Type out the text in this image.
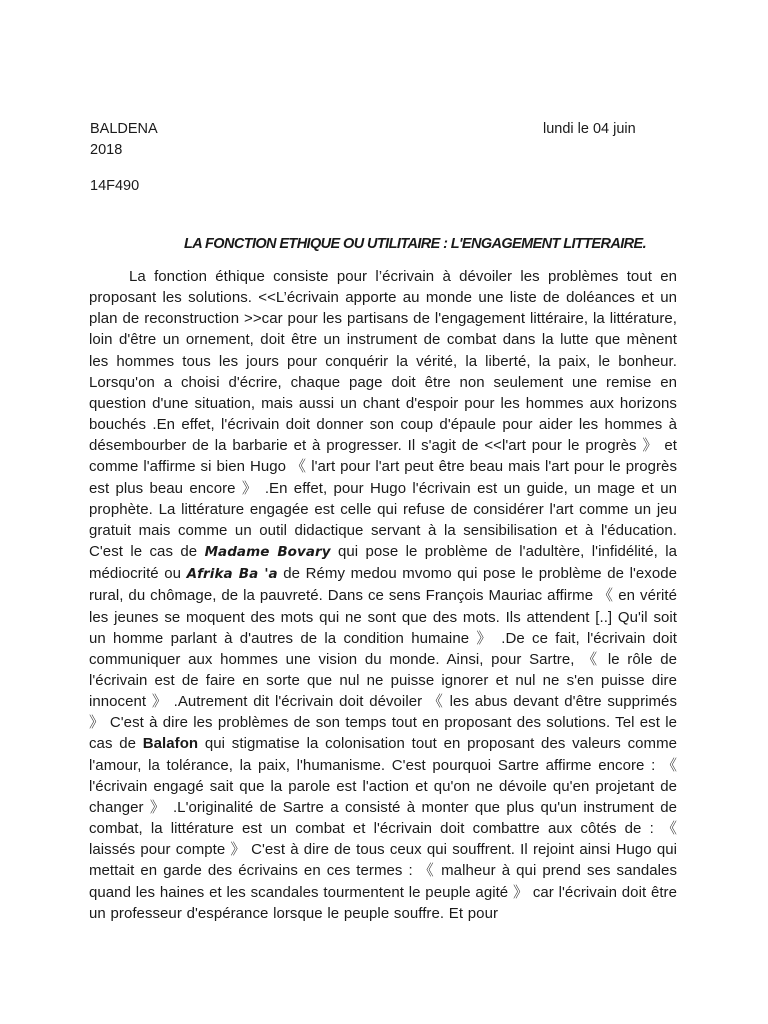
BALDENA
2018
lundi le 04 juin
14F490
LA FONCTION ETHIQUE OU UTILITAIRE : L'ENGAGEMENT LITTERAIRE.

La fonction éthique consiste pour l’écrivain à dévoiler les problèmes tout en proposant les solutions. <<L’écrivain apporte au monde une liste de doléances et un plan de reconstruction >>car pour les partisans de l'engagement littéraire, la littérature, loin d'être un ornement, doit être un instrument de combat dans la lutte que mènent les hommes tous les jours pour conquérir la vérité, la liberté, la paix, le bonheur. Lorsqu'on a choisi d'écrire, chaque page doit être non seulement une remise en question d'une situation, mais aussi un chant d'espoir pour les hommes aux horizons bouchés .En effet, l'écrivain doit donner son coup d'épaule pour aider les hommes à désembourber de la barbarie et à progresser. Il s'agit de <<l'art pour le progrès 》 et comme l'affirme si bien Hugo 《 l'art pour l'art peut être beau mais l'art pour le progrès est plus beau encore 》 .En effet, pour Hugo l'écrivain est un guide, un mage et un prophète. La littérature engagée est celle qui refuse de considérer l'art comme un jeu gratuit mais comme un outil didactique servant à la sensibilisation et à l'éducation. C'est le cas de Madame Bovary qui pose le problème de l'adultère, l'infidélité, la médiocrité ou Afrika Ba 'a de Rémy medou mvomo qui pose le problème de l'exode rural, du chômage, de la pauvreté. Dans ce sens François Mauriac affirme 《 en vérité les jeunes se moquent des mots qui ne sont que des mots. Ils attendent [..] Qu'il soit un homme parlant à d'autres de la condition humaine 》 .De ce fait, l'écrivain doit communiquer aux hommes une vision du monde. Ainsi, pour Sartre, 《 le rôle de l'écrivain est de faire en sorte que nul ne puisse ignorer et nul ne s'en puisse dire innocent 》 .Autrement dit l'écrivain doit dévoiler 《 les abus devant d'être supprimés 》 C'est à dire les problèmes de son temps tout en proposant des solutions. Tel est le cas de Balafon qui stigmatise la colonisation tout en proposant des valeurs comme l'amour, la tolérance, la paix, l'humanisme. C'est pourquoi Sartre affirme encore : 《 l'écrivain engagé sait que la parole est l'action et qu'on ne dévoile qu'en projetant de changer 》 .L'originalité de Sartre a consisté à monter que plus qu'un instrument de combat, la littérature est un combat et l'écrivain doit combattre aux côtés de : 《 laissés pour compte 》 C'est à dire de tous ceux qui souffrent. Il rejoint ainsi Hugo qui mettait en garde des écrivains en ces termes : 《 malheur à qui prend ses sandales quand les haines et les scandales tourmentent le peuple agité 》 car l'écrivain doit être un professeur d'espérance lorsque le peuple souffre. Et pour
